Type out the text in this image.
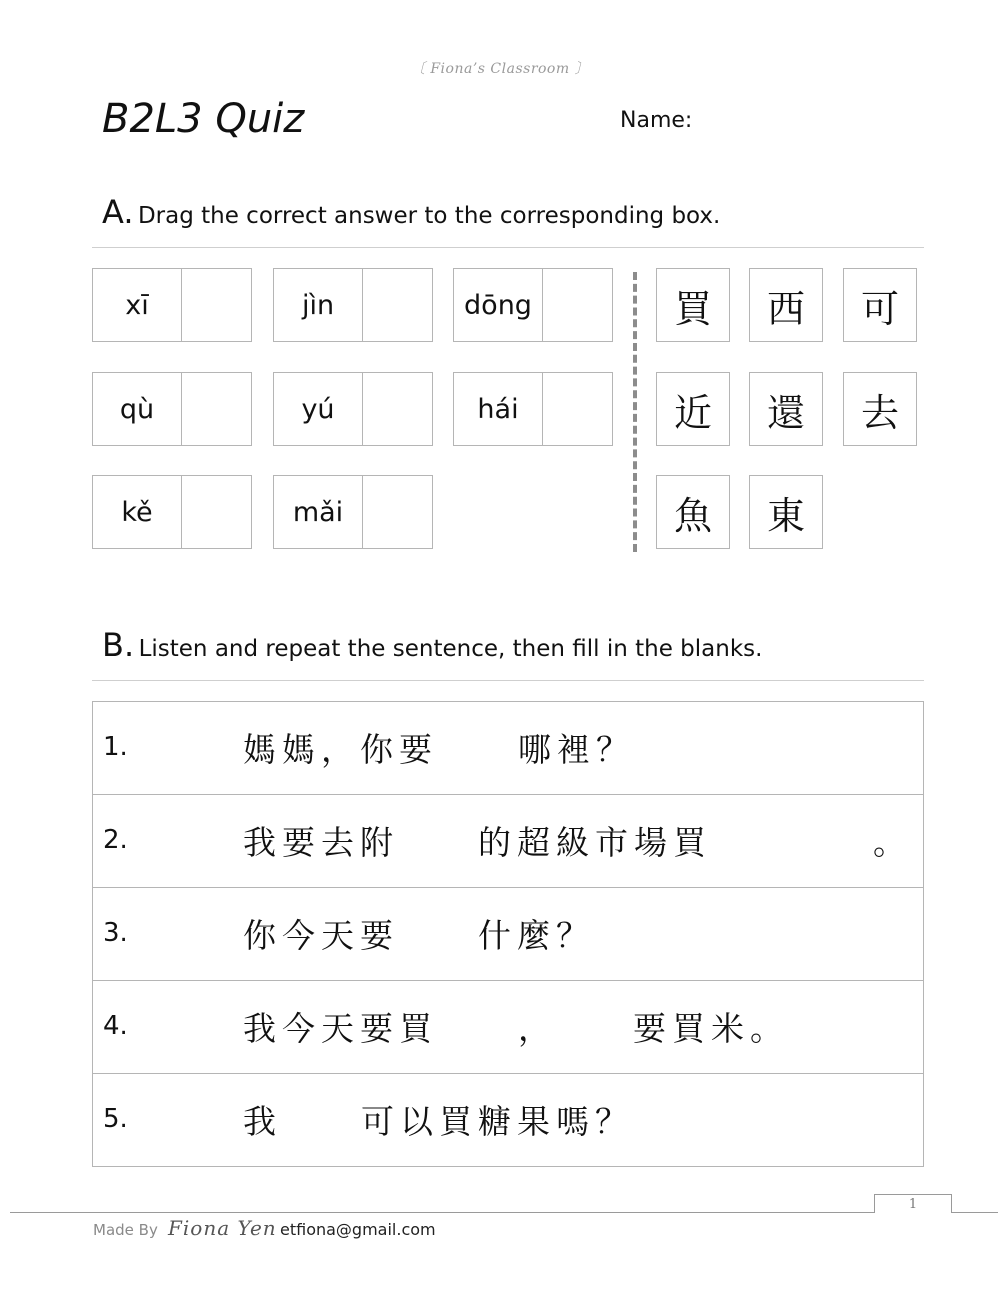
〔 Fiona’s Classroom 〕
B2L3 Quiz	Name:
A. Drag the correct answer to the corresponding box.
xī	jìn	dōng
qù	yú	hái
kě	mǎi
買	西	可
近	還	去
魚	東
B. Listen and repeat the sentence, then fill in the blanks.
1.	媽媽，你要 哪裡？
2.	我要去附 的超級市場買	。
3.	你今天要 什麼？
4.	我今天要買 ， 要買米。
5.	我 可以買糖果嗎？
1
Made By Fiona Yen etfiona@gmail.com
